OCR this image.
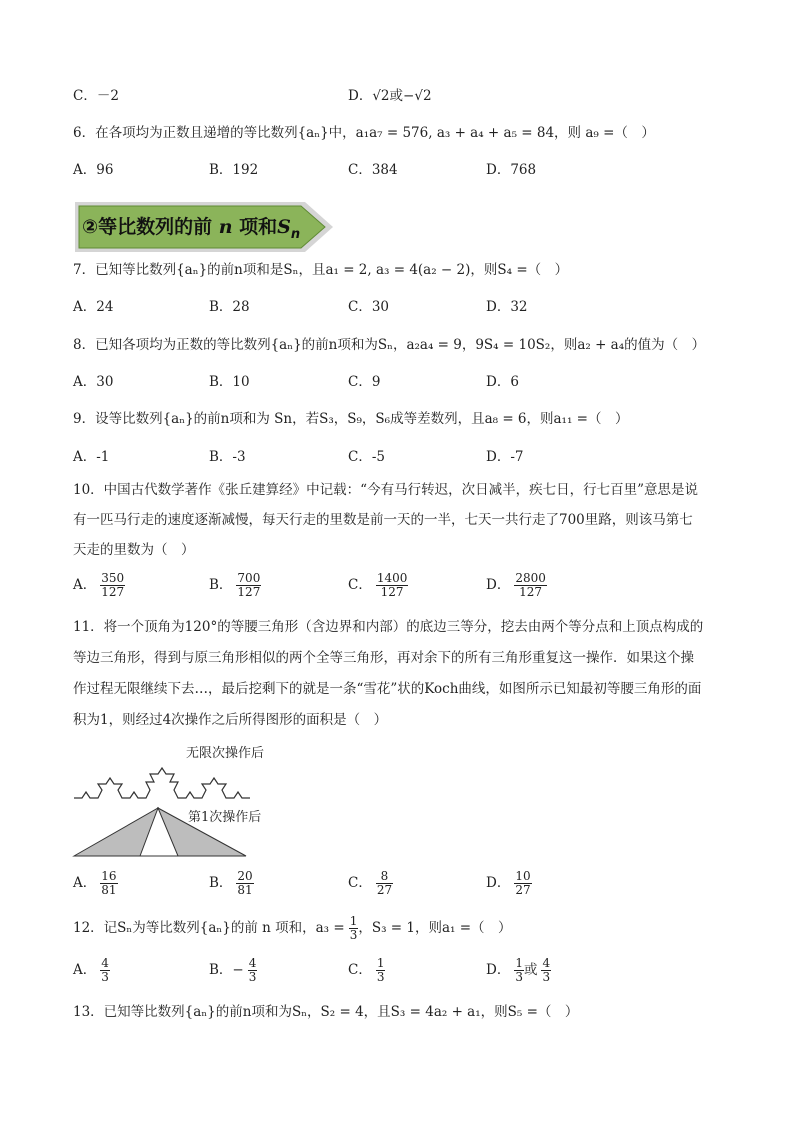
C．－2	D．√2或−√2
6．在各项均为正数且递增的等比数列{aₙ}中，a₁a₇ = 576, a₃ + a₄ + a₅ = 84，则 a₉ =（　）
A．96	B．192	C．384	D．768
②等比数列的前 n 项和$S_n$
7．已知等比数列{aₙ}的前n项和是Sₙ，且a₁ = 2, a₃ = 4(a₂ − 2)，则S₄ =（　）
A．24	B．28	C．30	D．32
8．已知各项均为正数的等比数列{aₙ}的前n项和为Sₙ，a₂a₄ = 9，9S₄ = 10S₂，则a₂ + a₄的值为（　）
A．30	B．10	C．9	D．6
9．设等比数列{aₙ}的前n项和为 Sn，若S₃，S₉，S₆成等差数列，且a₈ = 6，则a₁₁ =（　）
A．-1	B．-3	C．-5	D．-7
10．中国古代数学著作《张丘建算经》中记载：“今有马行转迟，次日减半，疾七日，行七百里”意思是说
有一匹马行走的速度逐渐减慢，每天行走的里数是前一天的一半，七天一共行走了700里路，则该马第七
天走的里数为（　）
A． $\frac{350}{127}$	B． $\frac{700}{127}$	C． $\frac{1400}{127}$	D． $\frac{2800}{127}$
11．将一个顶角为120°的等腰三角形（含边界和内部）的底边三等分，挖去由两个等分点和上顶点构成的
等边三角形，得到与原三角形相似的两个全等三角形，再对余下的所有三角形重复这一操作．如果这个操
作过程无限继续下去…，最后挖剩下的就是一条“雪花”状的Koch曲线，如图所示已知最初等腰三角形的面
积为1，则经过4次操作之后所得图形的面积是（　）
无限次操作后
第1次操作后
A． $\frac{16}{81}$	B． $\frac{20}{81}$	C． $\frac{8}{27}$	D． $\frac{10}{27}$
12．记Sₙ为等比数列{aₙ}的前 n 项和，$a_3 = \frac{1}{3}$ ，S₃ = 1，则a₁ =（　）
A． $\frac{4}{3}$	B．− $\frac{4}{3}$	C． $\frac{1}{3}$	D． $\frac{1}{3}$ 或 $\frac{4}{3}$
13．已知等比数列{aₙ}的前n项和为Sₙ，S₂ = 4，且S₃ = 4a₂ + a₁，则S₅ =（　）
